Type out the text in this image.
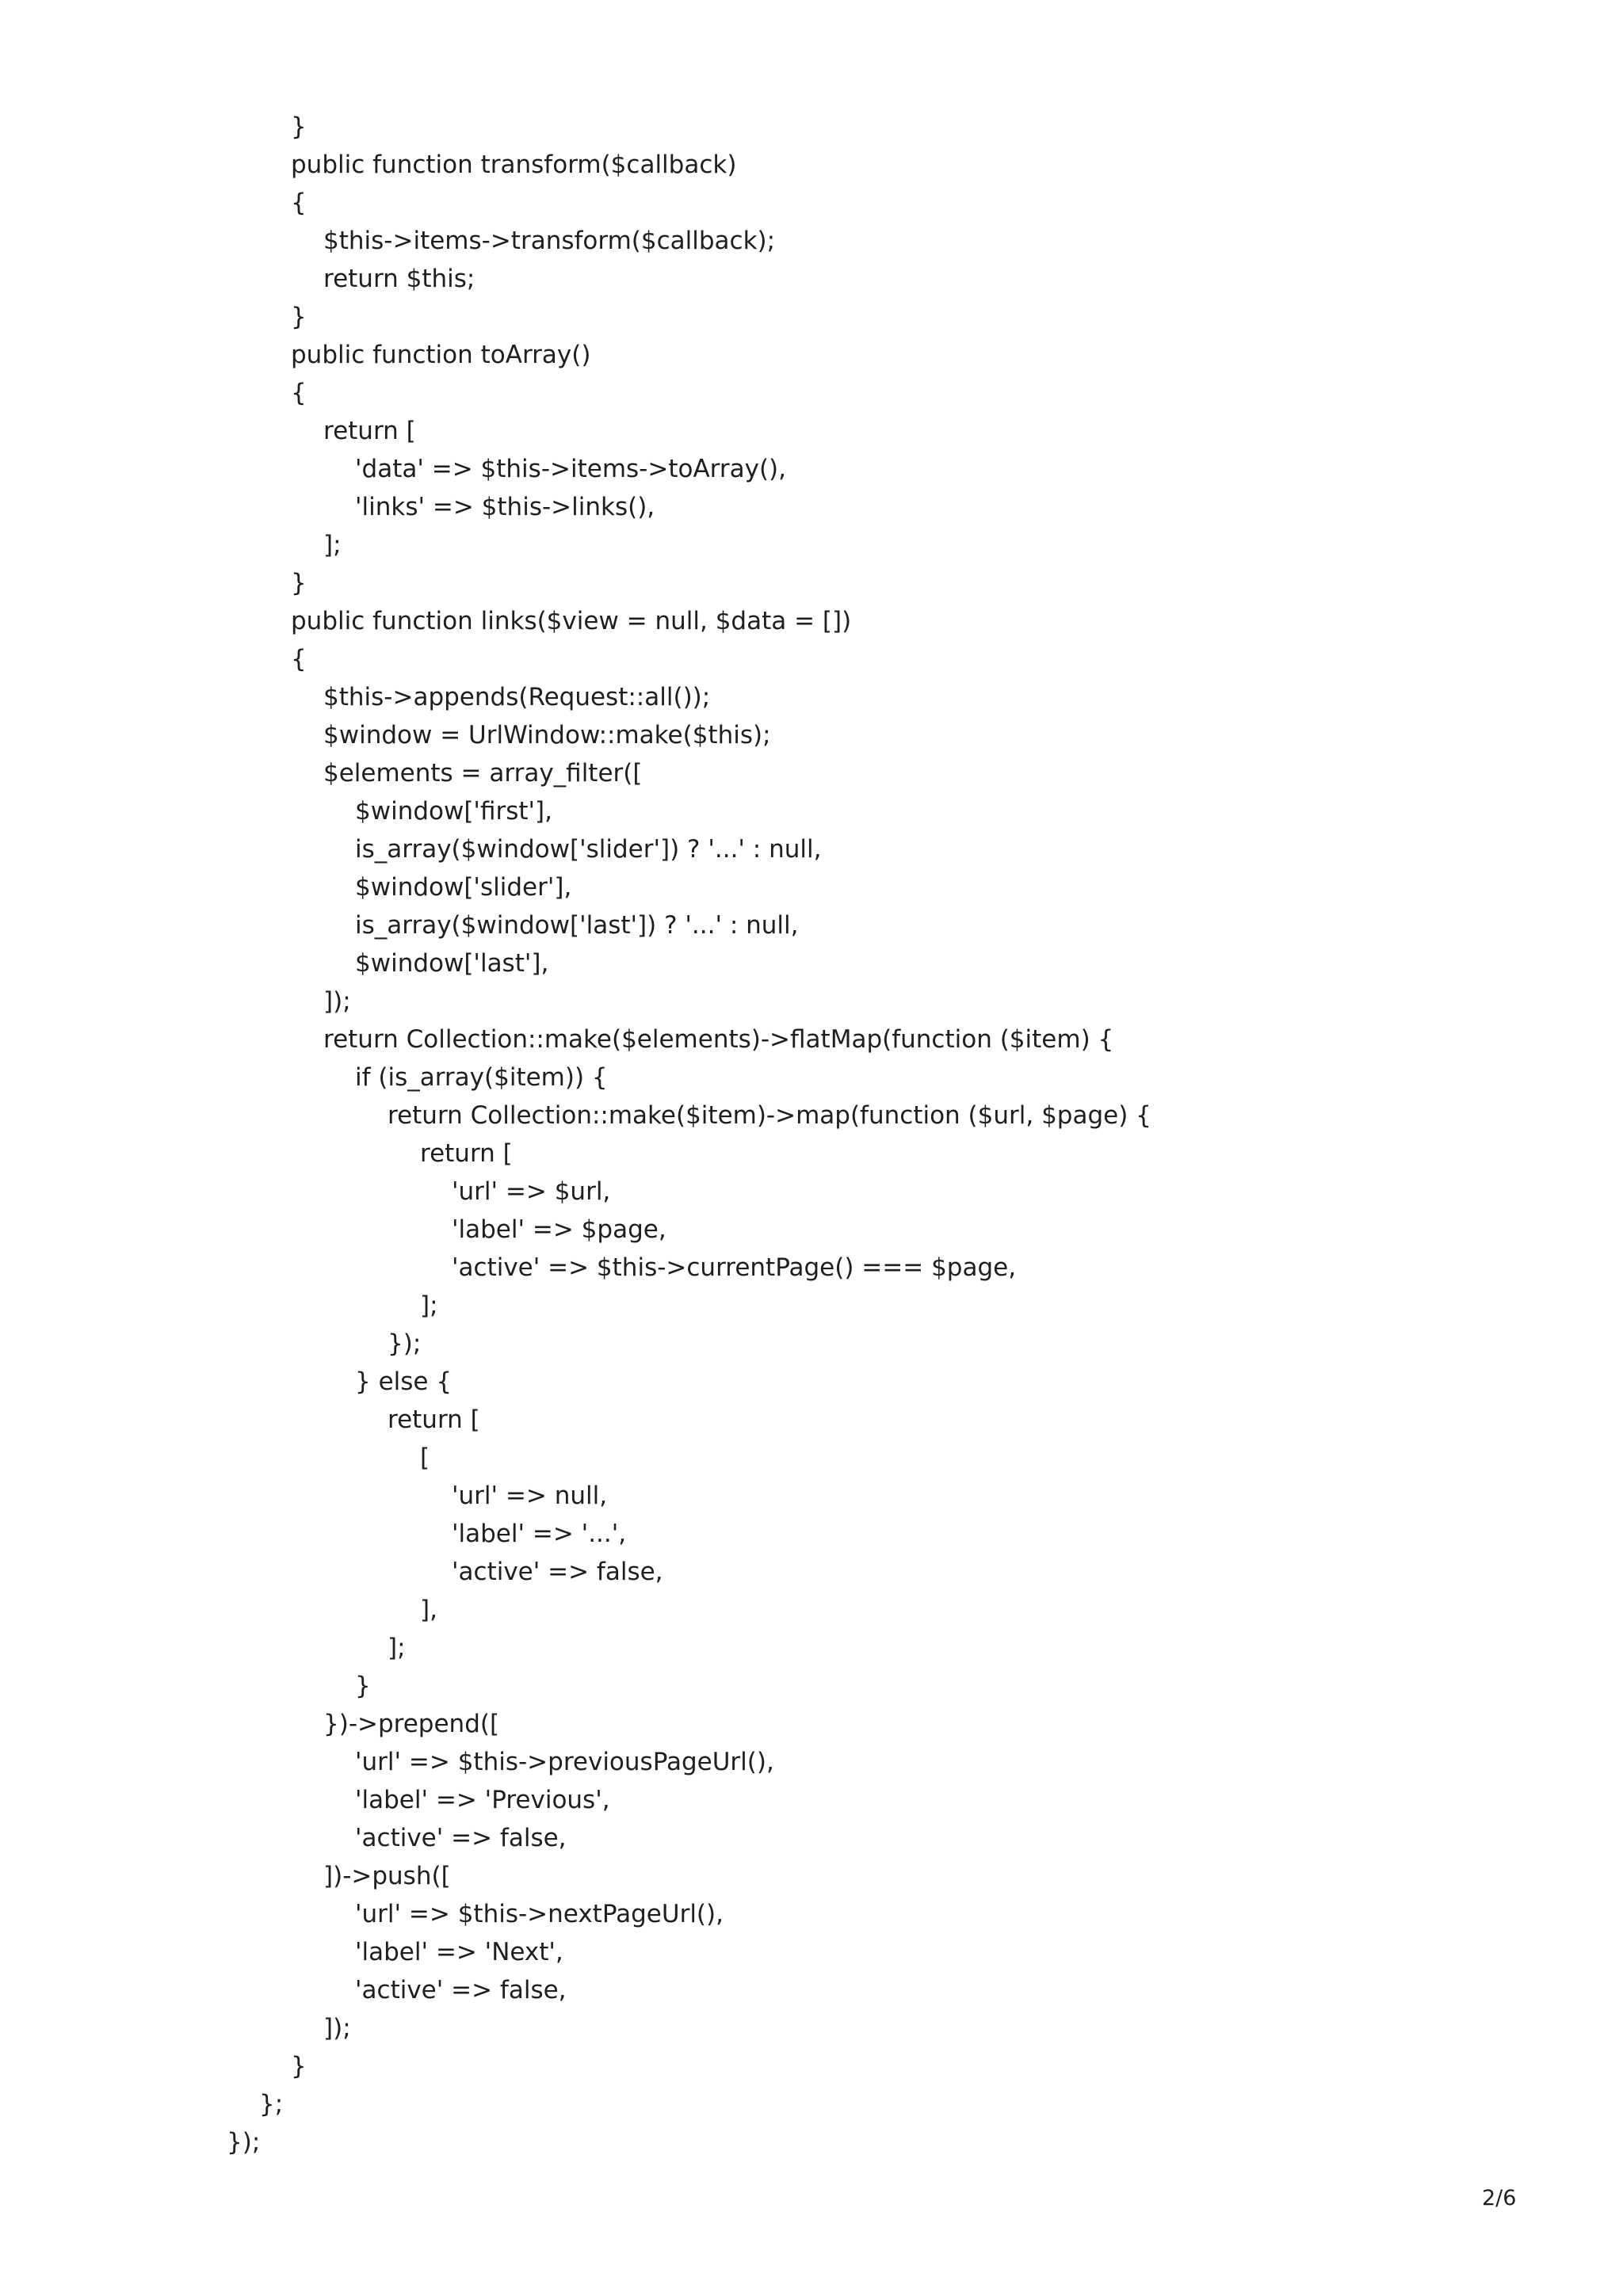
}
public function transform($callback)
{
$this->items->transform($callback);
return $this;
}
public function toArray()
{
return [
'data' => $this->items->toArray(),
'links' => $this->links(),
];
}
public function links($view = null, $data = [])
{
$this->appends(Request::all());
$window = UrlWindow::make($this);
$elements = array_filter([
$window['first'],
is_array($window['slider']) ? '...' : null,
$window['slider'],
is_array($window['last']) ? '...' : null,
$window['last'],
]);
return Collection::make($elements)->flatMap(function ($item) {
if (is_array($item)) {
return Collection::make($item)->map(function ($url, $page) {
return [
'url' => $url,
'label' => $page,
'active' => $this->currentPage() === $page,
];
});
} else {
return [
[
'url' => null,
'label' => '...',
'active' => false,
],
];
}
})->prepend([
'url' => $this->previousPageUrl(),
'label' => 'Previous',
'active' => false,
])->push([
'url' => $this->nextPageUrl(),
'label' => 'Next',
'active' => false,
]);
}
};
});
2/6
